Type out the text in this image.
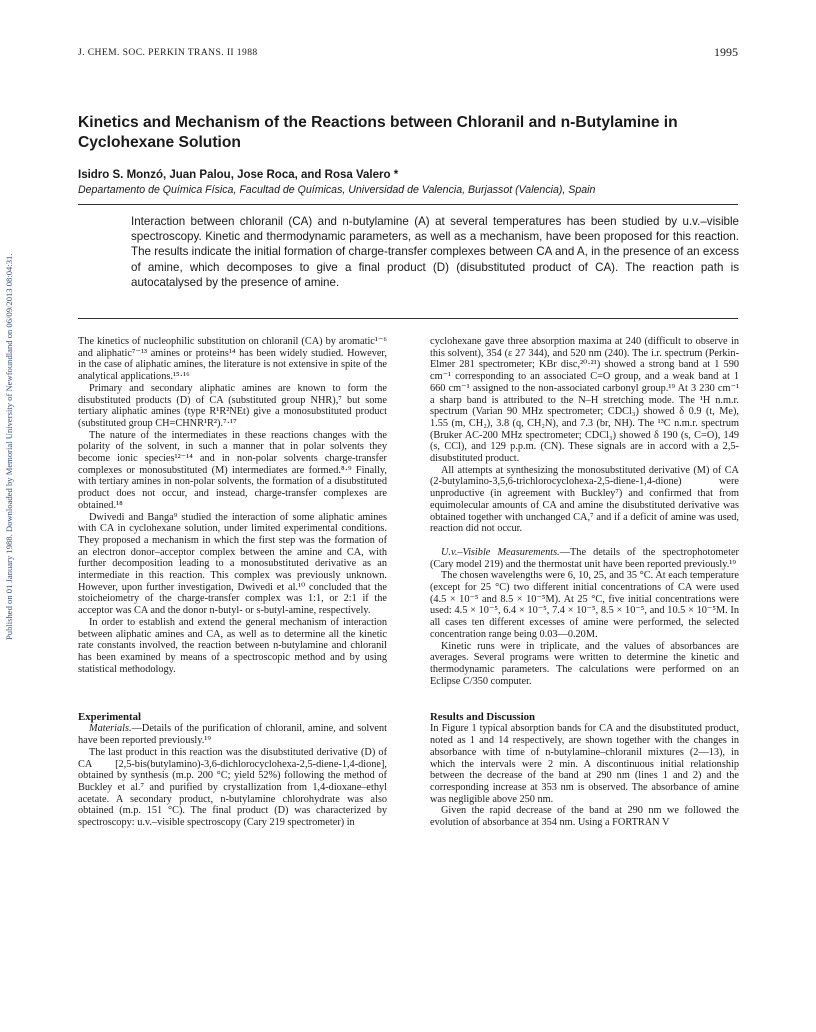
J. CHEM. SOC. PERKIN TRANS. II 1988	1995
Published on 01 January 1988. Downloaded by Memorial University of Newfoundland on 06/09/2013 08:04:31.
Kinetics and Mechanism of the Reactions between Chloranil and n-Butylamine in Cyclohexane Solution
Isidro S. Monzó, Juan Palou, Jose Roca, and Rosa Valero *
Departamento de Química Física, Facultad de Químicas, Universidad de Valencia, Burjassot (Valencia), Spain
Interaction between chloranil (CA) and n-butylamine (A) at several temperatures has been studied by u.v.–visible spectroscopy. Kinetic and thermodynamic parameters, as well as a mechanism, have been proposed for this reaction. The results indicate the initial formation of charge-transfer complexes between CA and A, in the presence of an excess of amine, which decomposes to give a final product (D) (disubstituted product of CA). The reaction path is autocatalysed by the presence of amine.

The kinetics of nucleophilic substitution on chloranil (CA) by aromatic¹⁻⁶ and aliphatic⁷⁻¹³ amines or proteins¹⁴ has been widely studied. However, in the case of aliphatic amines, the literature is not extensive in spite of the analytical applications.¹⁵·¹⁶

Primary and secondary aliphatic amines are known to form the disubstituted products (D) of CA (substituted group NHR),⁷ but some tertiary aliphatic amines (type R¹R²NEt) give a monosubstituted product (substituted group CH=CHNR¹R²).⁷·¹⁷

The nature of the intermediates in these reactions changes with the polarity of the solvent, in such a manner that in polar solvents they become ionic species¹²⁻¹⁴ and in non-polar solvents charge-transfer complexes or monosubstituted (M) intermediates are formed.⁸·⁹ Finally, with tertiary amines in non-polar solvents, the formation of a disubstituted product does not occur, and instead, charge-transfer complexes are obtained.¹⁸

Dwivedi and Banga⁹ studied the interaction of some aliphatic amines with CA in cyclohexane solution, under limited experimental conditions. They proposed a mechanism in which the first step was the formation of an electron donor–acceptor complex between the amine and CA, with further decomposition leading to a monosubstituted derivative as an intermediate in this reaction. This complex was previously unknown. However, upon further investigation, Dwivedi et al.¹⁰ concluded that the stoicheiometry of the charge-transfer complex was 1:1, or 2:1 if the acceptor was CA and the donor n-butyl- or s-butyl-amine, respectively.

In order to establish and extend the general mechanism of interaction between aliphatic amines and CA, as well as to determine all the kinetic rate constants involved, the reaction between n-butylamine and chloranil has been examined by means of a spectroscopic method and by using statistical methodology.

Experimental

Materials.—Details of the purification of chloranil, amine, and solvent have been reported previously.¹⁹

The last product in this reaction was the disubstituted derivative (D) of CA [2,5-bis(butylamino)-3,6-dichlorocyclohexa-2,5-diene-1,4-dione], obtained by synthesis (m.p. 200 °C; yield 52%) following the method of Buckley et al.⁷ and purified by crystallization from 1,4-dioxane–ethyl acetate. A secondary product, n-butylamine chlorohydrate was also obtained (m.p. 151 °C). The final product (D) was characterized by spectroscopy: u.v.–visible spectroscopy (Cary 219 spectrometer) in

cyclohexane gave three absorption maxima at 240 (difficult to observe in this solvent), 354 (ε 27 344), and 520 nm (240). The i.r. spectrum (Perkin-Elmer 281 spectrometer; KBr disc,²⁰·²¹) showed a strong band at 1 590 cm⁻¹ corresponding to an associated C=O group, and a weak band at 1 660 cm⁻¹ assigned to the non-associated carbonyl group.¹⁹ At 3 230 cm⁻¹ a sharp band is attributed to the N–H stretching mode. The ¹H n.m.r. spectrum (Varian 90 MHz spectrometer; CDCl₃) showed δ 0.9 (t, Me), 1.55 (m, CH₂), 3.8 (q, CH₂N), and 7.3 (br, NH). The ¹³C n.m.r. spectrum (Bruker AC-200 MHz spectrometer; CDCl₃) showed δ 190 (s, C=O), 149 (s, CCl), and 129 p.p.m. (CN). These signals are in accord with a 2,5-disubstituted product.

All attempts at synthesizing the monosubstituted derivative (M) of CA (2-butylamino-3,5,6-trichlorocyclohexa-2,5-diene-1,4-dione) were unproductive (in agreement with Buckley⁷) and confirmed that from equimolecular amounts of CA and amine the disubstituted derivative was obtained together with unchanged CA,⁷ and if a deficit of amine was used, reaction did not occur.

U.v.–Visible Measurements.—The details of the spectrophotometer (Cary model 219) and the thermostat unit have been reported previously.¹⁹

The chosen wavelengths were 6, 10, 25, and 35 °C. At each temperature (except for 25 °C) two different initial concentrations of CA were used (4.5 × 10⁻⁵ and 8.5 × 10⁻⁵M). At 25 °C, five initial concentrations were used: 4.5 × 10⁻⁵, 6.4 × 10⁻⁵, 7.4 × 10⁻⁵, 8.5 × 10⁻⁵, and 10.5 × 10⁻⁵M. In all cases ten different excesses of amine were performed, the selected concentration range being 0.03—0.20M.

Kinetic runs were in triplicate, and the values of absorbances are averages. Several programs were written to determine the kinetic and thermodynamic parameters. The calculations were performed on an Eclipse C/350 computer.

Results and Discussion

In Figure 1 typical absorption bands for CA and the disubstituted product, noted as 1 and 14 respectively, are shown together with the changes in absorbance with time of n-butylamine–chloranil mixtures (2—13), in which the intervals were 2 min. A discontinuous initial relationship between the decrease of the band at 290 nm (lines 1 and 2) and the corresponding increase at 353 nm is observed. The absorbance of amine was negligible above 250 nm.

Given the rapid decrease of the band at 290 nm we followed the evolution of absorbance at 354 nm. Using a FORTRAN V
